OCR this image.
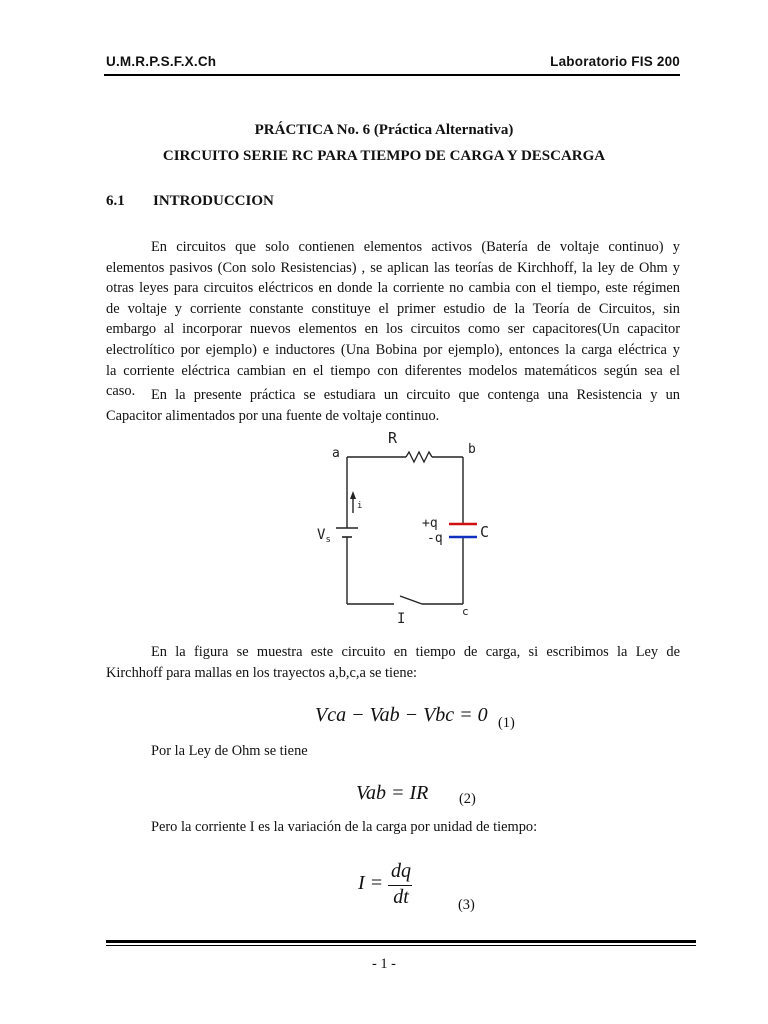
U.M.R.P.S.F.X.Ch	Laboratorio FIS 200
PRÁCTICA No. 6 (Práctica Alternativa)
CIRCUITO SERIE RC PARA TIEMPO DE CARGA Y DESCARGA
6.1 INTRODUCCION
En circuitos que solo contienen elementos activos (Batería de voltaje continuo) y
elementos pasivos (Con solo Resistencias) , se aplican las teorías de Kirchhoff, la ley de Ohm y
otras leyes para circuitos eléctricos en donde la corriente no cambia con el tiempo, este régimen
de voltaje y corriente constante constituye el primer estudio de la Teoría de Circuitos, sin
embargo al incorporar nuevos elementos en los circuitos como ser capacitores(Un capacitor
electrolítico por ejemplo) e inductores (Una Bobina por ejemplo), entonces la carga eléctrica y
la corriente eléctrica cambian en el tiempo con diferentes modelos matemáticos según sea el
caso.	En la presente práctica se estudiara un circuito que contenga una Resistencia y un
Capacitor alimentados por una fuente de voltaje continuo.
a	b
c
R
i
$V_s$
+q
-q C
I
En la figura se muestra este circuito en tiempo de carga, si escribimos la Ley de
Kirchhoff para mallas en los trayectos a,b,c,a se tiene:
Vca − Vab − Vbc = 0 (1)
Por la Ley de Ohm se tiene
Vab = IR (2)
Pero la corriente I es la variación de la carga por unidad de tiempo:
I =
dq
dt	(3)
- 1 -
